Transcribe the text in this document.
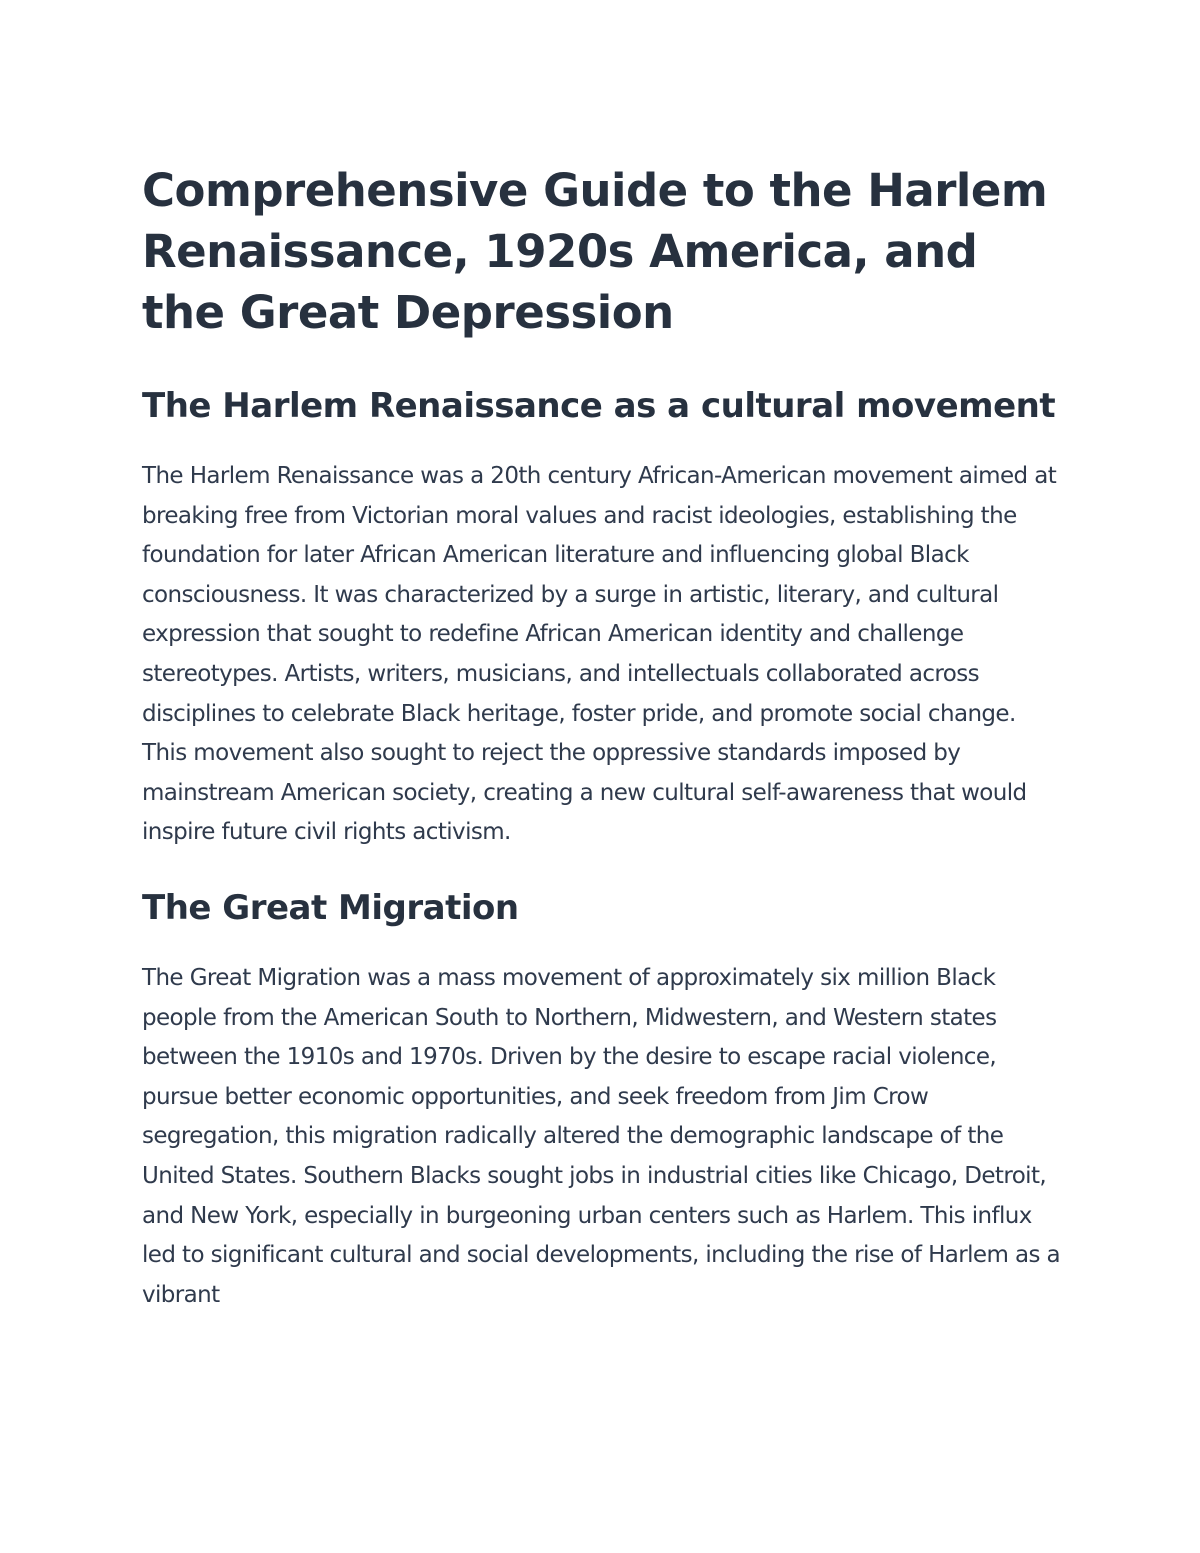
Comprehensive Guide to the Harlem Renaissance, 1920s America, and the Great Depression
The Harlem Renaissance as a cultural movement

The Harlem Renaissance was a 20th century African-American movement aimed at breaking free from Victorian moral values and racist ideologies, establishing the foundation for later African American literature and influencing global Black consciousness. It was characterized by a surge in artistic, literary, and cultural expression that sought to redefine African American identity and challenge stereotypes. Artists, writers, musicians, and intellectuals collaborated across disciplines to celebrate Black heritage, foster pride, and promote social change. This movement also sought to reject the oppressive standards imposed by mainstream American society, creating a new cultural self-awareness that would inspire future civil rights activism.

The Great Migration

The Great Migration was a mass movement of approximately six million Black people from the American South to Northern, Midwestern, and Western states between the 1910s and 1970s. Driven by the desire to escape racial violence, pursue better economic opportunities, and seek freedom from Jim Crow segregation, this migration radically altered the demographic landscape of the United States. Southern Blacks sought jobs in industrial cities like Chicago, Detroit, and New York, especially in burgeoning urban centers such as Harlem. This influx led to significant cultural and social developments, including the rise of Harlem as a vibrant
